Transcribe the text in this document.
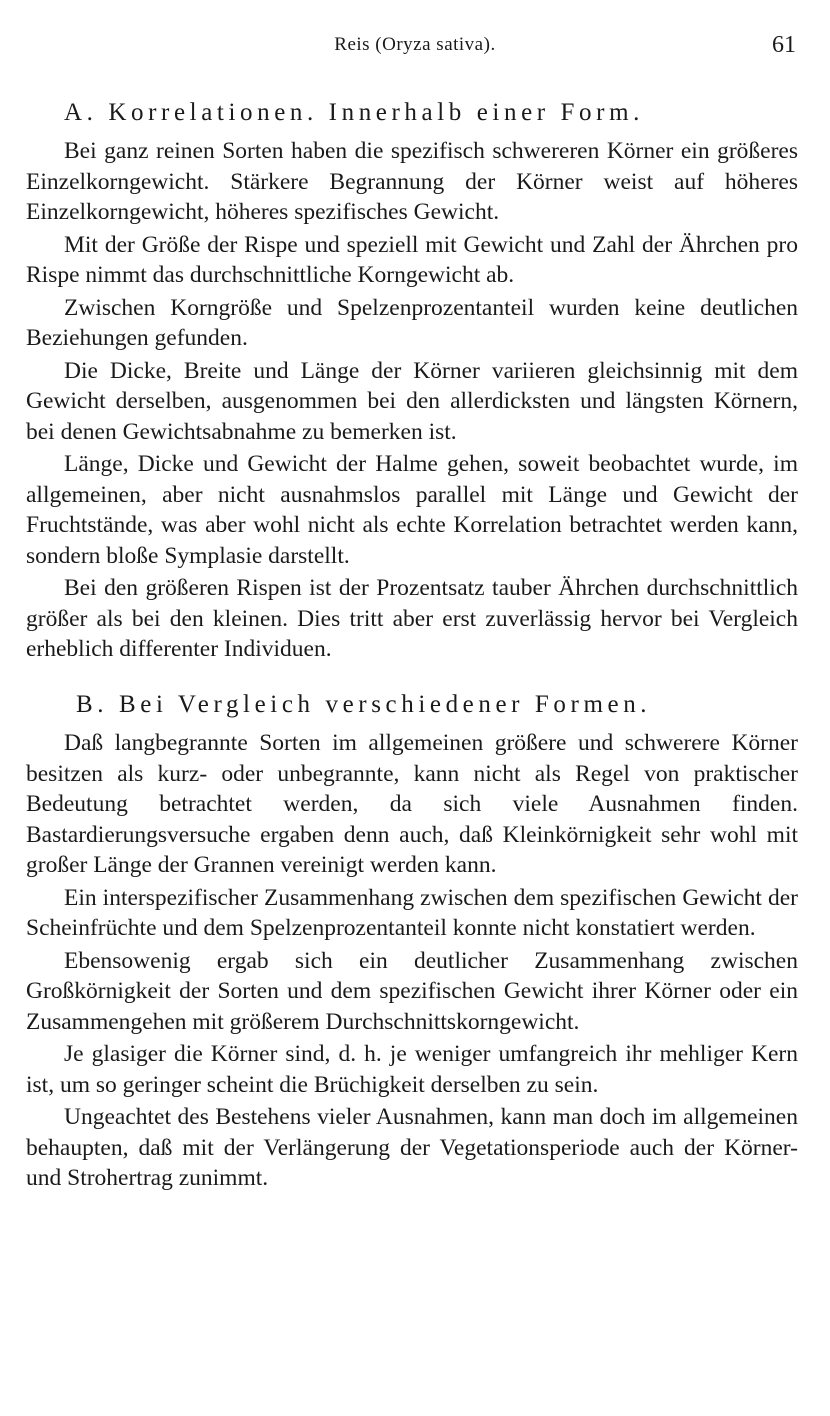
Reis (Oryza sativa).	61
A. Korrelationen. Innerhalb einer Form.

Bei ganz reinen Sorten haben die spezifisch schwereren Körner ein größeres Einzelkorngewicht. Stärkere Begrannung der Körner weist auf höheres Einzelkorngewicht, höheres spezifisches Gewicht.

Mit der Größe der Rispe und speziell mit Gewicht und Zahl der Ährchen pro Rispe nimmt das durchschnittliche Korngewicht ab.

Zwischen Korngröße und Spelzenprozentanteil wurden keine deutlichen Beziehungen gefunden.

Die Dicke, Breite und Länge der Körner variieren gleichsinnig mit dem Gewicht derselben, ausgenommen bei den allerdicksten und längsten Körnern, bei denen Gewichtsabnahme zu bemerken ist.

Länge, Dicke und Gewicht der Halme gehen, soweit beobachtet wurde, im allgemeinen, aber nicht ausnahmslos parallel mit Länge und Gewicht der Fruchtstände, was aber wohl nicht als echte Korrelation betrachtet werden kann, sondern bloße Symplasie darstellt.

Bei den größeren Rispen ist der Prozentsatz tauber Ährchen durchschnittlich größer als bei den kleinen. Dies tritt aber erst zuverlässig hervor bei Vergleich erheblich differenter Individuen.

B. Bei Vergleich verschiedener Formen.

Daß langbegrannte Sorten im allgemeinen größere und schwerere Körner besitzen als kurz- oder unbegrannte, kann nicht als Regel von praktischer Bedeutung betrachtet werden, da sich viele Ausnahmen finden. Bastardierungsversuche ergaben denn auch, daß Kleinkörnigkeit sehr wohl mit großer Länge der Grannen vereinigt werden kann.

Ein interspezifischer Zusammenhang zwischen dem spezifischen Gewicht der Scheinfrüchte und dem Spelzenprozentanteil konnte nicht konstatiert werden.

Ebensowenig ergab sich ein deutlicher Zusammenhang zwischen Großkörnigkeit der Sorten und dem spezifischen Gewicht ihrer Körner oder ein Zusammengehen mit größerem Durchschnittskorngewicht.

Je glasiger die Körner sind, d. h. je weniger umfangreich ihr mehliger Kern ist, um so geringer scheint die Brüchigkeit derselben zu sein.

Ungeachtet des Bestehens vieler Ausnahmen, kann man doch im allgemeinen behaupten, daß mit der Verlängerung der Vegetationsperiode auch der Körner- und Strohertrag zunimmt.
